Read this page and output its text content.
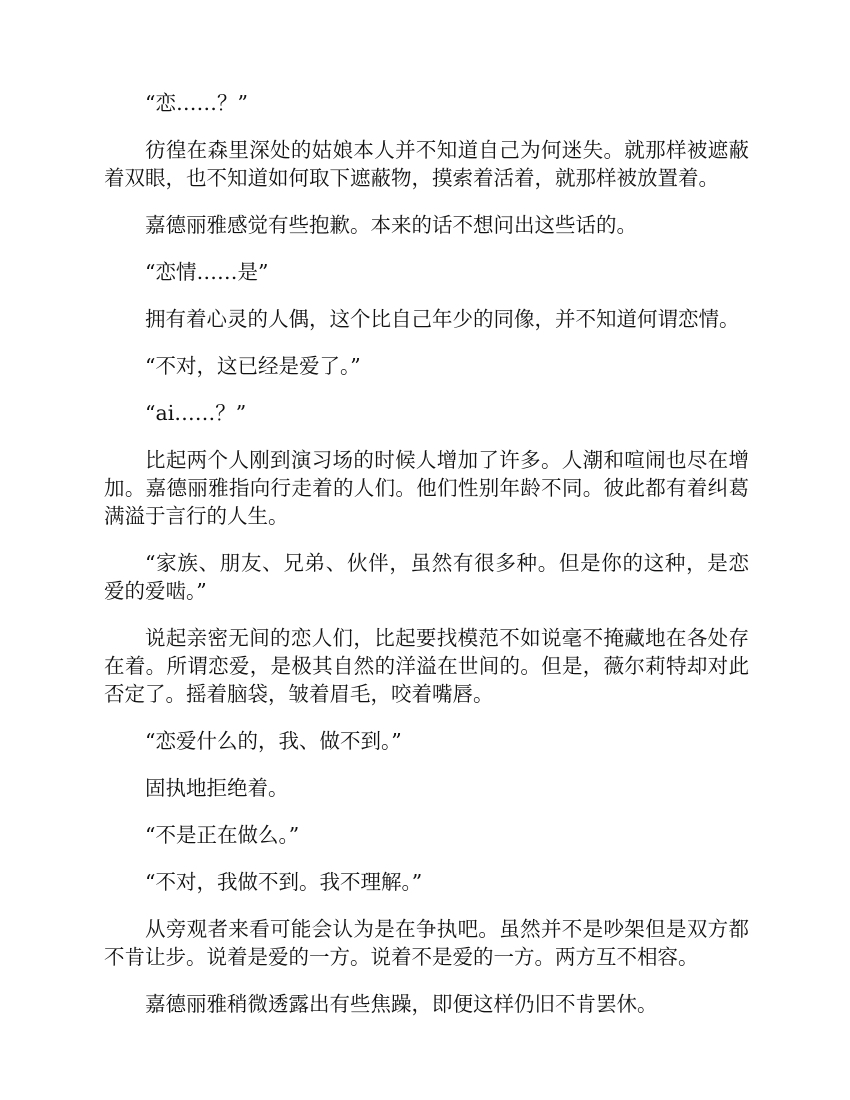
“恋……？”

彷徨在森里深处的姑娘本人并不知道自己为何迷失。就那样被遮蔽着双眼，也不知道如何取下遮蔽物，摸索着活着，就那样被放置着。

嘉德丽雅感觉有些抱歉。本来的话不想问出这些话的。

“恋情……是”

拥有着心灵的人偶，这个比自己年少的同像，并不知道何谓恋情。

“不对，这已经是爱了。”

“ai……？”

比起两个人刚到演习场的时候人增加了许多。人潮和喧闹也尽在增加。嘉德丽雅指向行走着的人们。他们性别年龄不同。彼此都有着纠葛满溢于言行的人生。

“家族、朋友、兄弟、伙伴，虽然有很多种。但是你的这种，是恋爱的爱啮。”

说起亲密无间的恋人们，比起要找模范不如说毫不掩藏地在各处存在着。所谓恋爱，是极其自然的洋溢在世间的。但是，薇尔莉特却对此否定了。摇着脑袋，皱着眉毛，咬着嘴唇。

“恋爱什么的，我、做不到。”

固执地拒绝着。

“不是正在做么。”

“不对，我做不到。我不理解。”

从旁观者来看可能会认为是在争执吧。虽然并不是吵架但是双方都不肯让步。说着是爱的一方。说着不是爱的一方。两方互不相容。

嘉德丽雅稍微透露出有些焦躁，即便这样仍旧不肯罢休。
